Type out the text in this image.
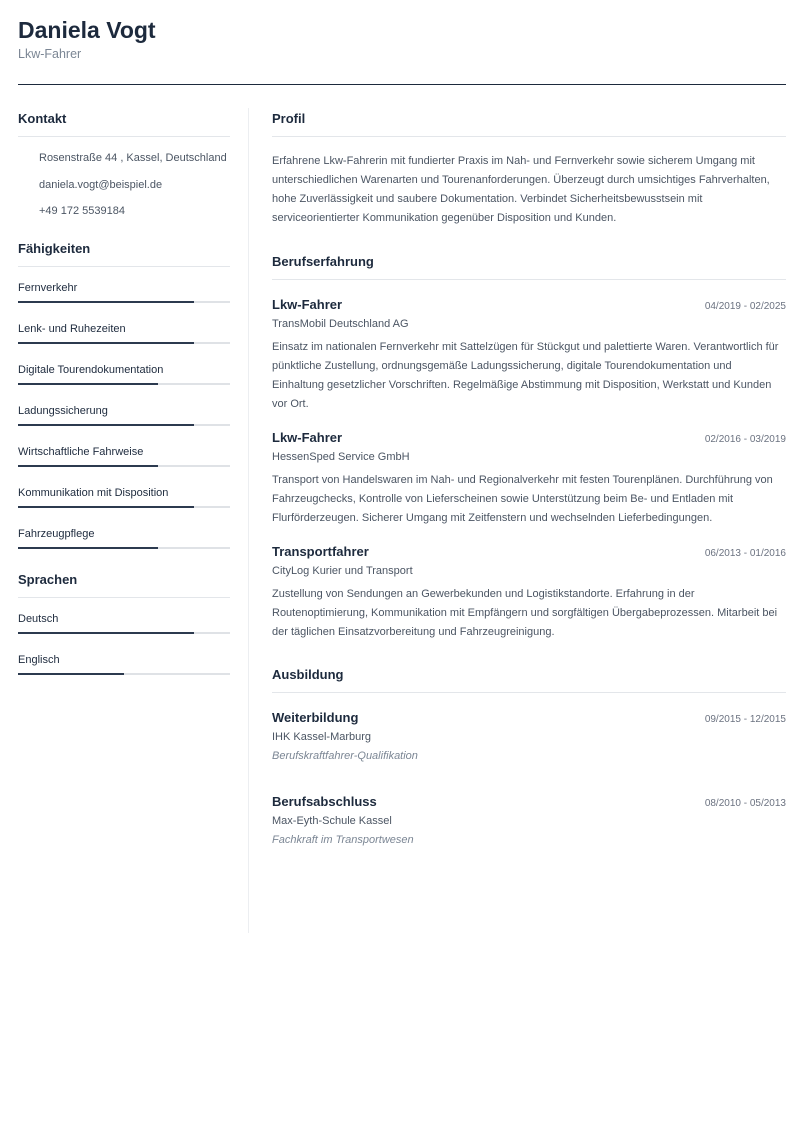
Daniela Vogt
Lkw-Fahrer
Kontakt
Rosenstraße 44 , Kassel, Deutschland
daniela.vogt@beispiel.de
+49 172 5539184
Fähigkeiten
Fernverkehr
Lenk- und Ruhezeiten
Digitale Tourendokumentation
Ladungssicherung
Wirtschaftliche Fahrweise
Kommunikation mit Disposition
Fahrzeugpflege
Sprachen
Deutsch
Englisch
Profil
Erfahrene Lkw-Fahrerin mit fundierter Praxis im Nah- und Fernverkehr sowie sicherem Umgang mit unterschiedlichen Warenarten und Tourenanforderungen. Überzeugt durch umsichtiges Fahrverhalten, hohe Zuverlässigkeit und saubere Dokumentation. Verbindet Sicherheitsbewusstsein mit serviceorientierter Kommunikation gegenüber Disposition und Kunden.
Berufserfahrung
Lkw-Fahrer	04/2019 - 02/2025
TransMobil Deutschland AG
Einsatz im nationalen Fernverkehr mit Sattelzügen für Stückgut und palettierte Waren. Verantwortlich für pünktliche Zustellung, ordnungsgemäße Ladungssicherung, digitale Tourendokumentation und Einhaltung gesetzlicher Vorschriften. Regelmäßige Abstimmung mit Disposition, Werkstatt und Kunden vor Ort.
Lkw-Fahrer	02/2016 - 03/2019
HessenSped Service GmbH
Transport von Handelswaren im Nah- und Regionalverkehr mit festen Tourenplänen. Durchführung von Fahrzeugchecks, Kontrolle von Lieferscheinen sowie Unterstützung beim Be- und Entladen mit Flurförderzeugen. Sicherer Umgang mit Zeitfenstern und wechselnden Lieferbedingungen.
Transportfahrer	06/2013 - 01/2016
CityLog Kurier und Transport
Zustellung von Sendungen an Gewerbekunden und Logistikstandorte. Erfahrung in der Routenoptimierung, Kommunikation mit Empfängern und sorgfältigen Übergabeprozessen. Mitarbeit bei der täglichen Einsatzvorbereitung und Fahrzeugreinigung.
Ausbildung
Weiterbildung	09/2015 - 12/2015
IHK Kassel-Marburg
Berufskraftfahrer-Qualifikation
Berufsabschluss	08/2010 - 05/2013
Max-Eyth-Schule Kassel
Fachkraft im Transportwesen
